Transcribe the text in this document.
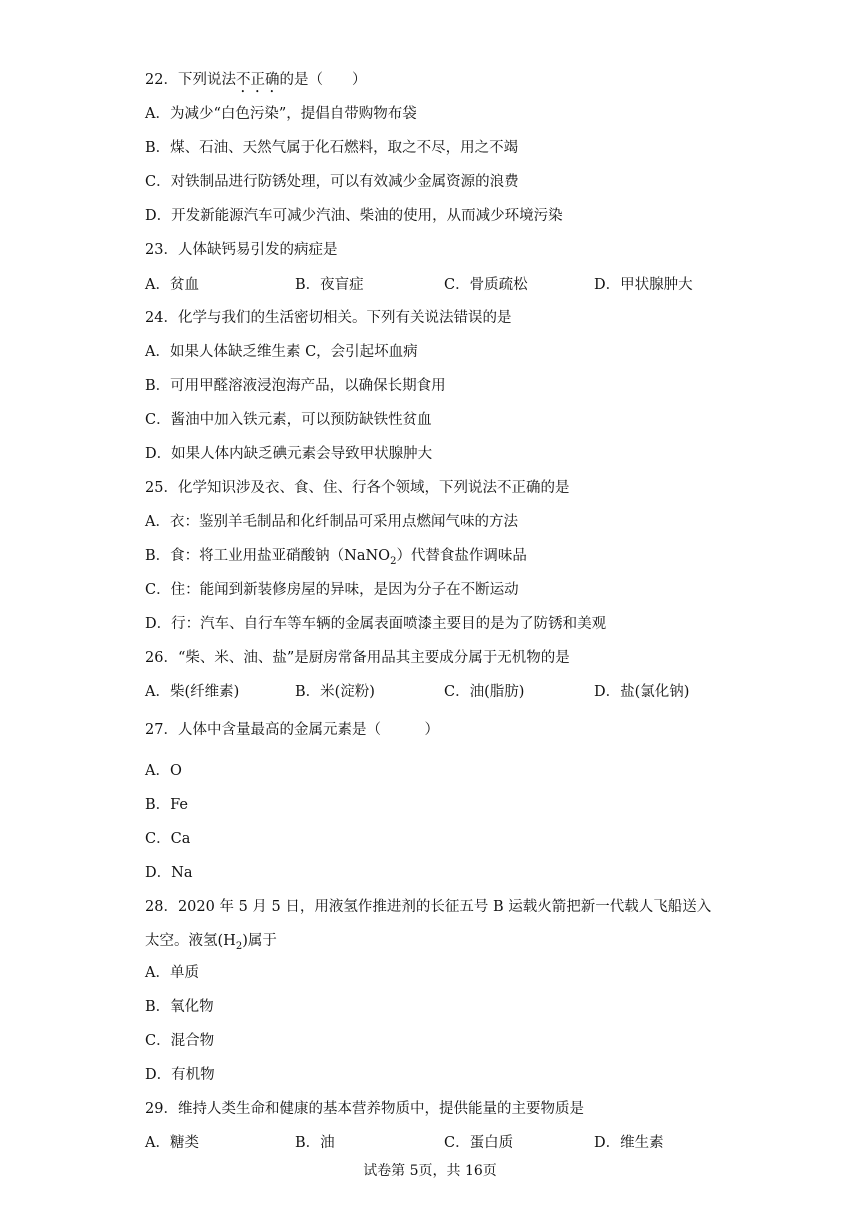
22．下列说法不正确的是（　　）
A．为减少“白色污染”，提倡自带购物布袋
B．煤、石油、天然气属于化石燃料，取之不尽，用之不竭
C．对铁制品进行防锈处理，可以有效减少金属资源的浪费
D．开发新能源汽车可减少汽油、柴油的使用，从而减少环境污染
23．人体缺钙易引发的病症是
A．贫血	B．夜盲症	C．骨质疏松	D．甲状腺肿大
24．化学与我们的生活密切相关。下列有关说法错误的是
A．如果人体缺乏维生素 C，会引起坏血病
B．可用甲醛溶液浸泡海产品，以确保长期食用
C．酱油中加入铁元素，可以预防缺铁性贫血
D．如果人体内缺乏碘元素会导致甲状腺肿大
25．化学知识涉及衣、食、住、行各个领域，下列说法不正确的是
A．衣：鉴别羊毛制品和化纤制品可采用点燃闻气味的方法
B．食：将工业用盐亚硝酸钠（NaNO$_2$）代替食盐作调味品
C．住：能闻到新装修房屋的异味，是因为分子在不断运动
D．行：汽车、自行车等车辆的金属表面喷漆主要目的是为了防锈和美观
26．“柴、米、油、盐”是厨房常备用品其主要成分属于无机物的是
A．柴(纤维素)	B．米(淀粉)	C．油(脂肪)	D．盐(氯化钠)
27．人体中含量最高的金属元素是（　　　）
A．O
B．Fe
C．Ca
D．Na
28．2020 年 5 月 5 日，用液氢作推进剂的长征五号 B 运载火箭把新一代载人飞船送入
太空。液氢$(H_2)$属于
A．单质
B．氧化物
C．混合物
D．有机物
29．维持人类生命和健康的基本营养物质中，提供能量的主要物质是
A．糖类	B．油	C．蛋白质	D．维生素
试卷第 5页，共 16页
